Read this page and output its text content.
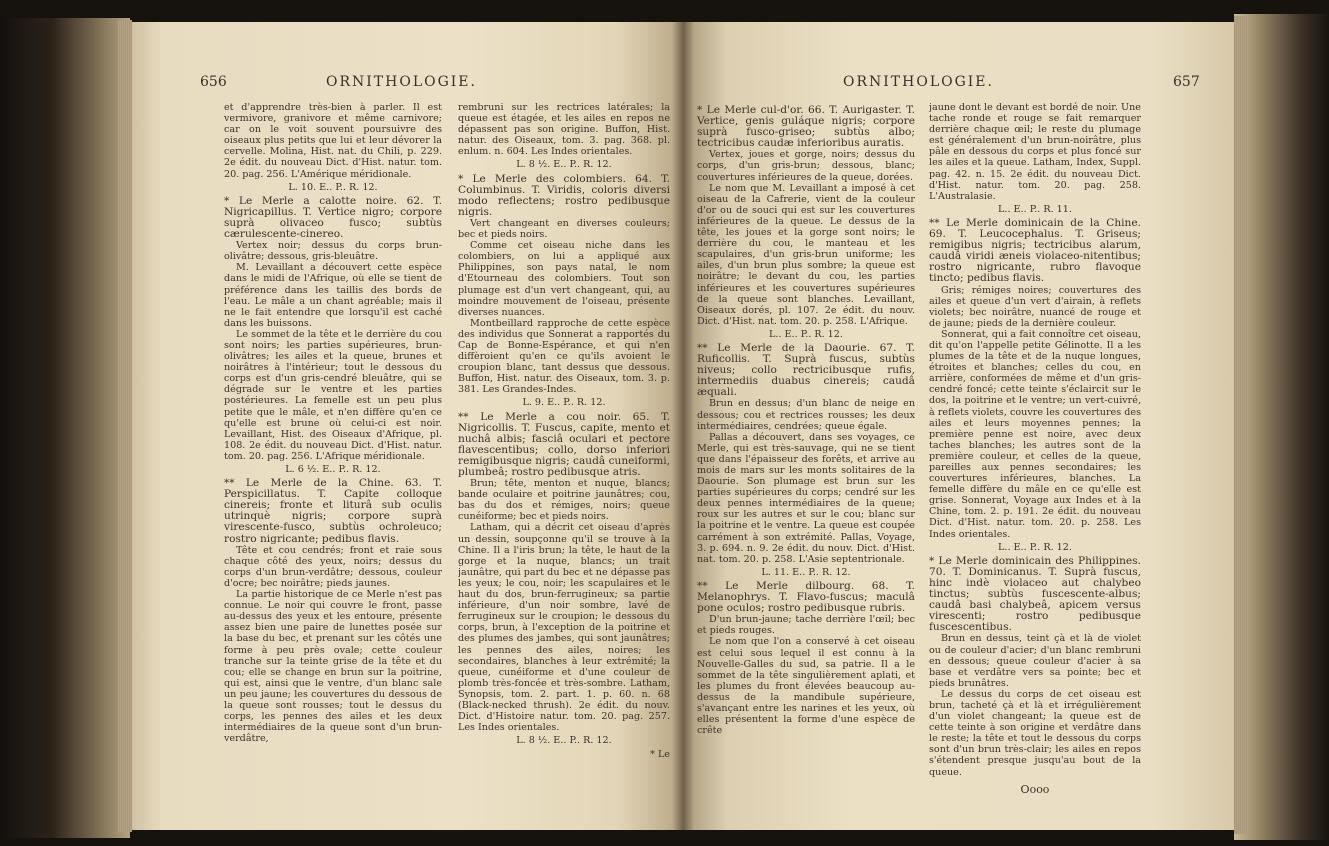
656	ORNITHOLOGIE.

et d'apprendre très-bien à parler. Il est vermivore, granivore et même carnivore; car on le voit souvent poursuivre des oiseaux plus petits que lui et leur dévorer la cervelle. Molina, Hist. nat. du Chili, p. 229. 2e édit. du nouveau Dict. d'Hist. natur. tom. 20. pag. 256. L'Amérique méridionale.

L. 10. E.. P.. R. 12.

* Le Merle a calotte noire. 62. T. Nigricapillus. T. Vertice nigro; corpore suprà olivaceo fusco; subtùs cærulescente-cinereo.

Vertex noir; dessus du corps brun-olivâtre; dessous, gris-bleuâtre.

M. Levaillant a découvert cette espèce dans le midi de l'Afrique, où elle se tient de préférence dans les taillis des bords de l'eau. Le mâle a un chant agréable; mais il ne le fait entendre que lorsqu'il est caché dans les buissons.

Le sommet de la tête et le derrière du cou sont noirs; les parties supérieures, brun-olivâtres; les ailes et la queue, brunes et noirâtres à l'intérieur; tout le dessous du corps est d'un gris-cendré bleuâtre, qui se dégrade sur le ventre et les parties postérieures. La femelle est un peu plus petite que le mâle, et n'en diffère qu'en ce qu'elle est brune où celui-ci est noir. Levaillant, Hist. des Oiseaux d'Afrique, pl. 108. 2e édit. du nouveau Dict. d'Hist. natur. tom. 20. pag. 256. L'Afrique méridionale.

L. 6 ½. E.. P.. R. 12.

** Le Merle de la Chine. 63. T. Perspicillatus. T. Capite colloque cinereis; fronte et liturâ sub oculis utrinquè nigris; corpore suprà virescente-fusco, subtùs ochroleuco; rostro nigricante; pedibus flavis.

Tête et cou cendrés; front et raie sous chaque côté des yeux, noirs; dessus du corps d'un brun-verdâtre; dessous, couleur d'ocre; bec noirâtre; pieds jaunes.

La partie historique de ce Merle n'est pas connue. Le noir qui couvre le front, passe au-dessus des yeux et les entoure, présente assez bien une paire de lunettes posée sur la base du bec, et prenant sur les côtés une forme à peu près ovale; cette couleur tranche sur la teinte grise de la tête et du cou; elle se change en brun sur la poitrine, qui est, ainsi que le ventre, d'un blanc sale un peu jaune; les couvertures du dessous de la queue sont rousses; tout le dessus du corps, les pennes des ailes et les deux intermédiaires de la queue sont d'un brun-verdâtre,

rembruni sur les rectrices latérales; la queue est étagée, et les ailes en repos ne dépassent pas son origine. Buffon, Hist. natur. des Oiseaux, tom. 3. pag. 368. pl. enlum. n. 604. Les Indes orientales.

L. 8 ½. E.. P.. R. 12.

* Le Merle des colombiers. 64. T. Columbinus. T. Viridis, coloris diversi modo reflectens; rostro pedibusque nigris.

Vert changeant en diverses couleurs; bec et pieds noirs.

Comme cet oiseau niche dans les colombiers, on lui a appliqué aux Philippines, son pays natal, le nom d'Etourneau des colombiers. Tout son plumage est d'un vert changeant, qui, au moindre mouvement de l'oiseau, présente diverses nuances.

Montbeillard rapproche de cette espèce des individus que Sonnerat a rapportés du Cap de Bonne-Espérance, et qui n'en diffèroient qu'en ce qu'ils avoient le croupion blanc, tant dessus que dessous. Buffon, Hist. natur. des Oiseaux, tom. 3. p. 381. Les Grandes-Indes.

L. 9. E.. P.. R. 12.

** Le Merle a cou noir. 65. T. Nigricollis. T. Fuscus, capite, mento et nuchâ albis; fasciâ oculari et pectore flavescentibus; collo, dorso inferiori remigibusque nigris; caudâ cuneiformi, plumbeâ; rostro pedibusque atris.

Brun; tête, menton et nuque, blancs; bande oculaire et poitrine jaunâtres; cou, bas du dos et rémiges, noirs; queue cunéiforme; bec et pieds noirs.

Latham, qui a décrit cet oiseau d'après un dessin, soupçonne qu'il se trouve à la Chine. Il a l'iris brun; la tête, le haut de la gorge et la nuque, blancs; un trait jaunâtre, qui part du bec et ne dépasse pas les yeux; le cou, noir; les scapulaires et le haut du dos, brun-ferrugineux; sa partie inférieure, d'un noir sombre, lavé de ferrugineux sur le croupion; le dessous du corps, brun, à l'exception de la poitrine et des plumes des jambes, qui sont jaunâtres; les pennes des ailes, noires; les secondaires, blanches à leur extrémité; la queue, cunéiforme et d'une couleur de plomb très-foncée et très-sombre. Latham, Synopsis, tom. 2. part. 1. p. 60. n. 68 (Black-necked thrush). 2e édit. du nouv. Dict. d'Histoire natur. tom. 20. pag. 257. Les Indes orientales.

L. 8 ½. E.. P.. R. 12.

* Le

ORNITHOLOGIE.	657

* Le Merle cul-d'or. 66. T. Aurigaster. T. Vertice, genis guláque nigris; corpore suprà fusco-griseo; subtùs albo; tectricibus caudæ inferioribus auratis.

Vertex, joues et gorge, noirs; dessus du corps, d'un gris-brun; dessous, blanc; couvertures inférieures de la queue, dorées.

Le nom que M. Levaillant a imposé à cet oiseau de la Cafrerie, vient de la couleur d'or ou de souci qui est sur les couvertures inférieures de la queue. Le dessus de la tête, les joues et la gorge sont noirs; le derrière du cou, le manteau et les scapulaires, d'un gris-brun uniforme; les ailes, d'un brun plus sombre; la queue est noirâtre; le devant du cou, les parties inférieures et les couvertures supérieures de la queue sont blanches. Levaillant, Oiseaux dorés, pl. 107. 2e édit. du nouv. Dict. d'Hist. nat. tom. 20. p. 258. L'Afrique.

L.. E.. P.. R. 12.

** Le Merle de la Daourie. 67. T. Ruficollis. T. Suprà fuscus, subtùs niveus; collo rectricibusque rufis, intermediis duabus cinereis; caudâ æquali.

Brun en dessus; d'un blanc de neige en dessous; cou et rectrices rousses; les deux intermédiaires, cendrées; queue égale.

Pallas a découvert, dans ses voyages, ce Merle, qui est très-sauvage, qui ne se tient que dans l'épaisseur des forêts, et arrive au mois de mars sur les monts solitaires de la Daourie. Son plumage est brun sur les parties supérieures du corps; cendré sur les deux pennes intermédiaires de la queue; roux sur les autres et sur le cou; blanc sur la poitrine et le ventre. La queue est coupée carrément à son extrémité. Pallas, Voyage, 3. p. 694. n. 9. 2e édit. du nouv. Dict. d'Hist. nat. tom. 20. p. 258. L'Asie septentrionale.

L. 11. E.. P.. R. 12.

** Le Merle dilbourg. 68. T. Melanophrys. T. Flavo-fuscus; maculâ pone oculos; rostro pedibusque rubris.

D'un brun-jaune; tache derrière l'œil; bec et pieds rouges.

Le nom que l'on a conservé à cet oiseau est celui sous lequel il est connu à la Nouvelle-Galles du sud, sa patrie. Il a le sommet de la tête singulièrement aplati, et les plumes du front élevées beaucoup au-dessus de la mandibule supérieure, s'avançant entre les narines et les yeux, où elles présentent la forme d'une espèce de crête

jaune dont le devant est bordé de noir. Une tache ronde et rouge se fait remarquer derrière chaque œil; le reste du plumage est généralement d'un brun-noirâtre, plus pâle en dessous du corps et plus foncé sur les ailes et la queue. Latham, Index, Suppl. pag. 42. n. 15. 2e édit. du nouveau Dict. d'Hist. natur. tom. 20. pag. 258. L'Australasie.

L.. E.. P.. R. 11.

** Le Merle dominicain de la Chine. 69. T. Leucocephalus. T. Griseus; remigibus nigris; tectricibus alarum, caudâ viridi æneis violaceo-nitentibus; rostro nigricante, rubro flavoque tincto; pedibus flavis.

Gris; rémiges noires; couvertures des ailes et queue d'un vert d'airain, à reflets violets; bec noirâtre, nuancé de rouge et de jaune; pieds de la dernière couleur.

Sonnerat, qui a fait connoître cet oiseau, dit qu'on l'appelle petite Gélinotte. Il a les plumes de la tête et de la nuque longues, étroites et blanches; celles du cou, en arrière, conformées de même et d'un gris-cendré foncé; cette teinte s'éclaircit sur le dos, la poitrine et le ventre; un vert-cuivré, à reflets violets, couvre les couvertures des ailes et leurs moyennes pennes; la première penne est noire, avec deux taches blanches; les autres sont de la première couleur, et celles de la queue, pareilles aux pennes secondaires; les couvertures inférieures, blanches. La femelle diffère du mâle en ce qu'elle est grise. Sonnerat, Voyage aux Indes et à la Chine, tom. 2. p. 191. 2e édit. du nouveau Dict. d'Hist. natur. tom. 20. p. 258. Les Indes orientales.

L.. E.. P.. R. 12.

* Le Merle dominicain des Philippines. 70. T. Dominicanus. T. Suprà fuscus, hinc indè violaceo aut chalybeo tinctus; subtùs fuscescente-albus; caudâ basi chalybeâ, apicem versus virescenti; rostro pedibusque fuscescentibus.

Brun en dessus, teint çà et là de violet ou de couleur d'acier; d'un blanc rembruni en dessous; queue couleur d'acier à sa base et verdâtre vers sa pointe; bec et pieds brunâtres.

Le dessus du corps de cet oiseau est brun, tacheté çà et là et irrégulièrement d'un violet changeant; la queue est de cette teinte à son origine et verdâtre dans le reste; la tête et tout le dessous du corps sont d'un brun très-clair; les ailes en repos s'étendent presque jusqu'au bout de la queue.

Oooo
